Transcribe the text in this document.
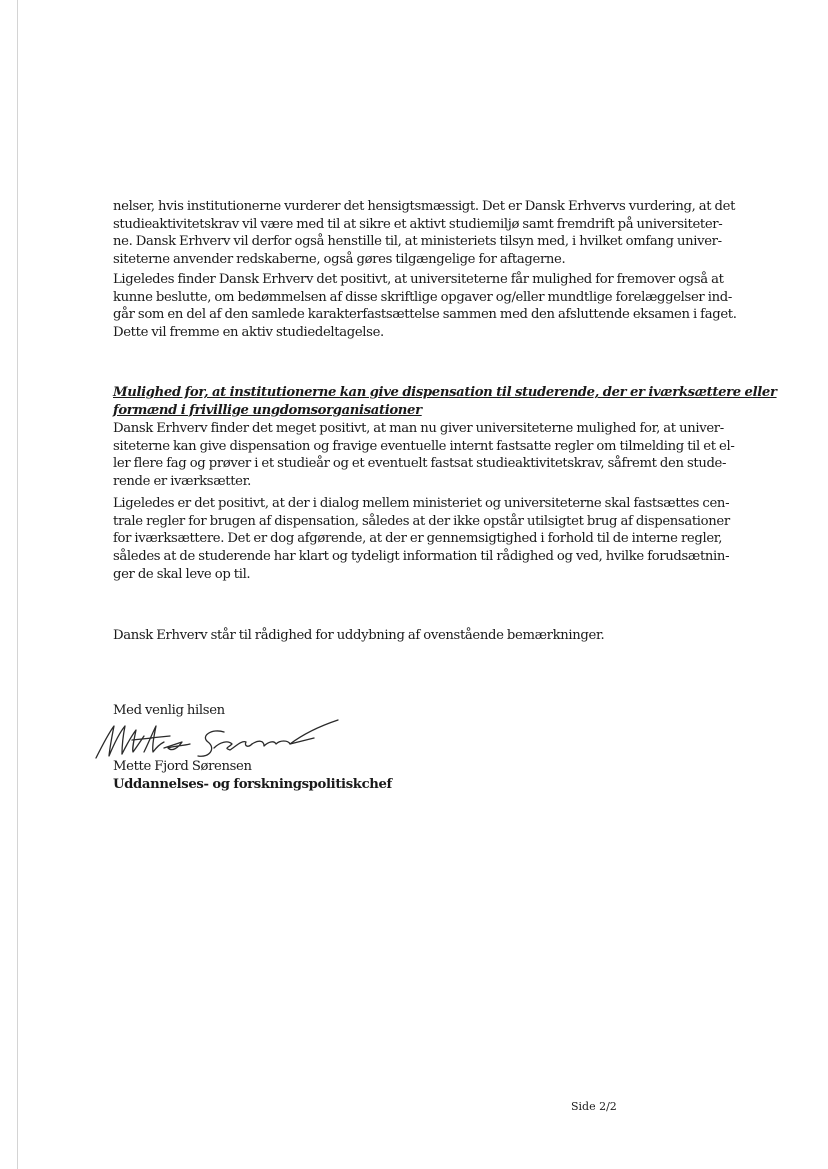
nelser, hvis institutionerne vurderer det hensigtsmæssigt. Det er Dansk Erhvervs vurdering, at det
studieaktivitetskrav vil være med til at sikre et aktivt studiemiljø samt fremdrift på universiteter-
ne. Dansk Erhverv vil derfor også henstille til, at ministeriets tilsyn med, i hvilket omfang univer-
siteterne anvender redskaberne, også gøres tilgængelige for aftagerne.
Ligeledes finder Dansk Erhverv det positivt, at universiteterne får mulighed for fremover også at
kunne beslutte, om bedømmelsen af disse skriftlige opgaver og/eller mundtlige forelæggelser ind-
går som en del af den samlede karakterfastsættelse sammen med den afsluttende eksamen i faget.
Dette vil fremme en aktiv studiedeltagelse.
Mulighed for, at institutionerne kan give dispensation til studerende, der er iværksættere eller
formænd i frivillige ungdomsorganisationer
Dansk Erhverv finder det meget positivt, at man nu giver universiteterne mulighed for, at univer-
siteterne kan give dispensation og fravige eventuelle internt fastsatte regler om tilmelding til et el-
ler flere fag og prøver i et studieår og et eventuelt fastsat studieaktivitetskrav, såfremt den stude-
rende er iværksætter.
Ligeledes er det positivt, at der i dialog mellem ministeriet og universiteterne skal fastsættes cen-
trale regler for brugen af dispensation, således at der ikke opstår utilsigtet brug af dispensationer
for iværksættere. Det er dog afgørende, at der er gennemsigtighed i forhold til de interne regler,
således at de studerende har klart og tydeligt information til rådighed og ved, hvilke forudsætnin-
ger de skal leve op til.
Dansk Erhverv står til rådighed for uddybning af ovenstående bemærkninger.
Med venlig hilsen
Mette Fjord Sørensen
Uddannelses- og forskningspolitiskchef
Side 2/2
